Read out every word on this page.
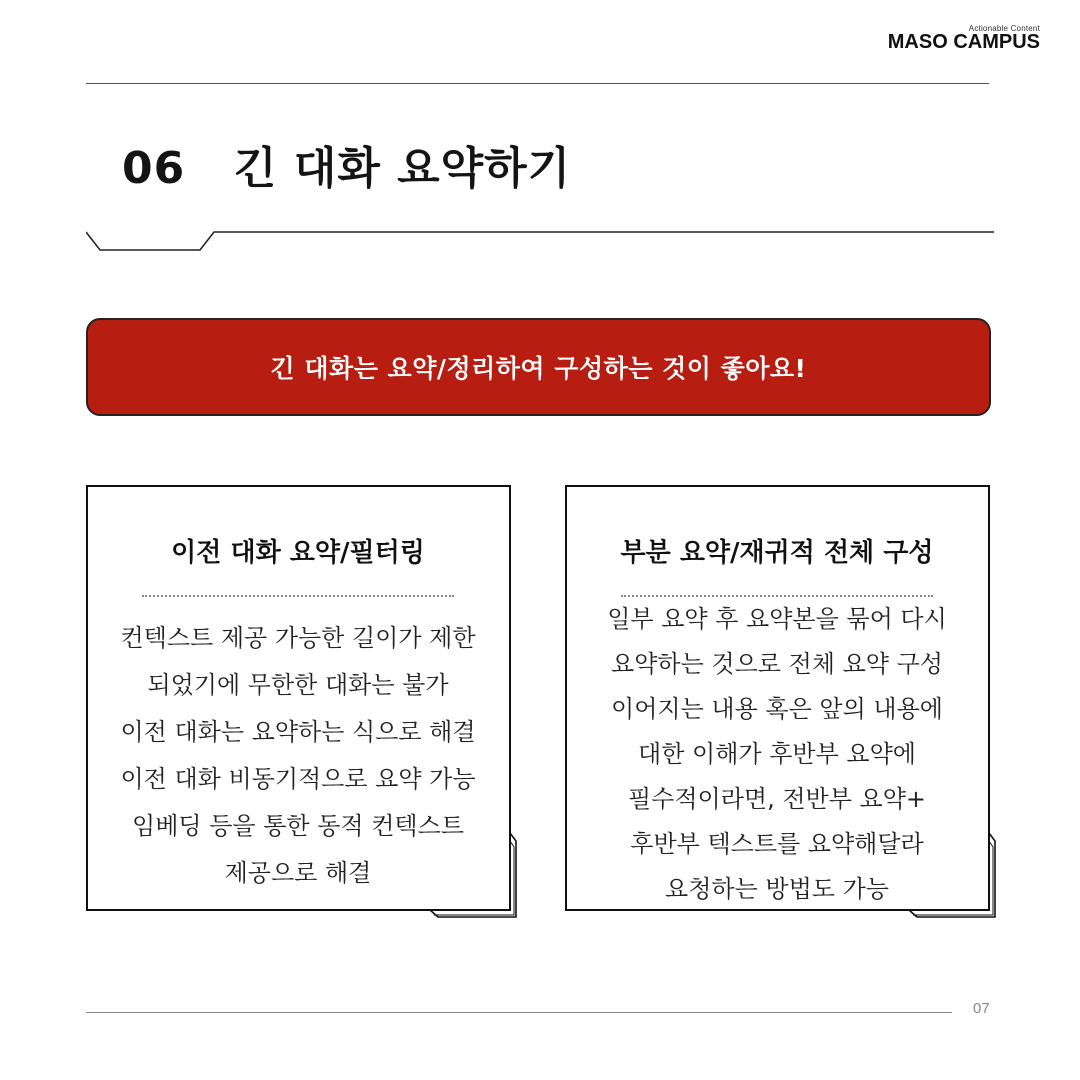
Actionable Content
MASO CAMPUS
06 긴 대화 요약하기
긴 대화는 요약/정리하여 구성하는 것이 좋아요!
이전 대화 요약/필터링
컨텍스트 제공 가능한 길이가 제한
되었기에 무한한 대화는 불가
이전 대화는 요약하는 식으로 해결
이전 대화 비동기적으로 요약 가능
임베딩 등을 통한 동적 컨텍스트
제공으로 해결
부분 요약/재귀적 전체 구성
일부 요약 후 요약본을 묶어 다시
요약하는 것으로 전체 요약 구성
이어지는 내용 혹은 앞의 내용에
대한 이해가 후반부 요약에
필수적이라면, 전반부 요약+
후반부 텍스트를 요약해달라
요청하는 방법도 가능
07
